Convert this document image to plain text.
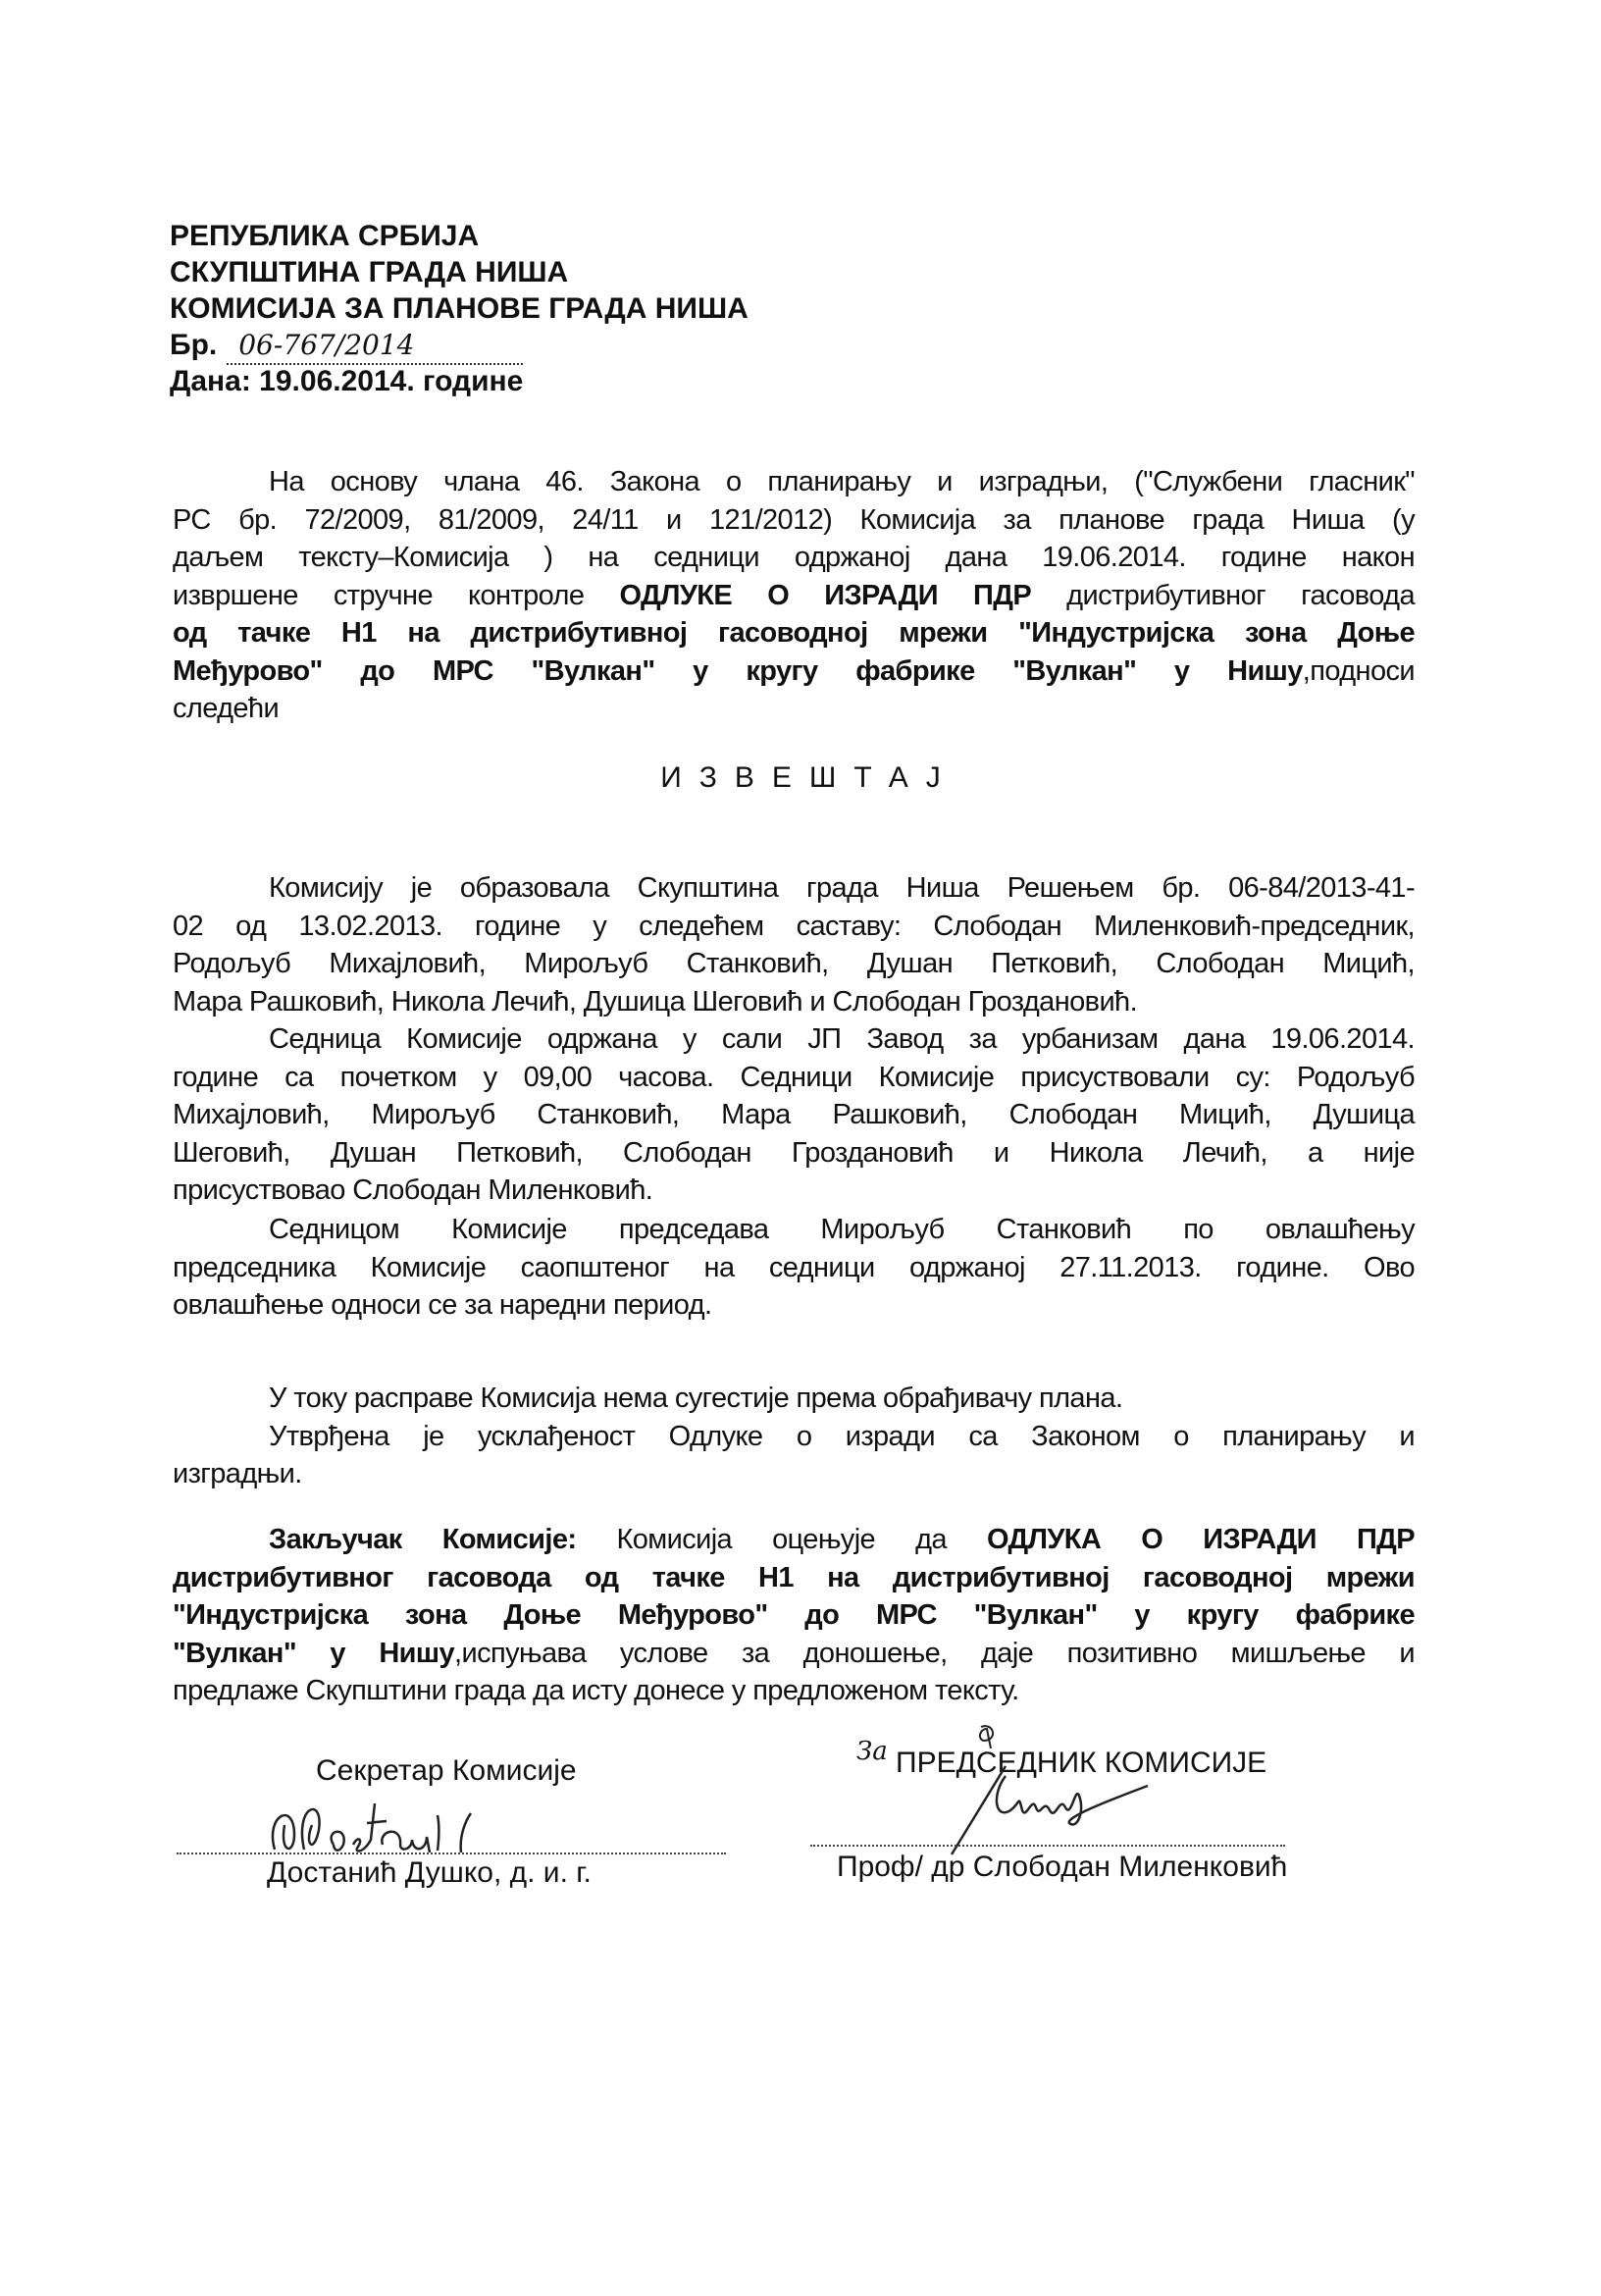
РЕПУБЛИКА СРБИЈА
СКУПШТИНА ГРАДА НИША
КОМИСИЈА ЗА ПЛАНОВЕ ГРАДА НИША
Бр. 06-767/2014
Дана: 19.06.2014. године
На основу члана 46. Закона о планирању и изградњи, ("Службени гласник"
РС бр. 72/2009, 81/2009, 24/11 и 121/2012) Комисија за планове града Ниша (у
даљем тексту–Комисија ) на седници одржаној дана 19.06.2014. године након
извршене стручне контроле ОДЛУКЕ О ИЗРАДИ ПДР дистрибутивног гасовода
од тачке Н1 на дистрибутивној гасоводној мрежи "Индустријска зона Доње
Мeђурово" до МРС "Вулкан" у кругу фабрике "Вулкан" у Нишу,подноси
следећи
ИЗВЕШТАЈ
Комисију је образовала Скупштина града Ниша Решењем бр. 06-84/2013-41-
02 од 13.02.2013. године у следећем саставу: Слободан Миленковић-председник,
Родољуб Михајловић, Мирољуб Станковић, Душан Петковић, Слободан Мицић,
Мара Рашковић, Никола Лечић, Душица Шеговић и Слободан Гроздановић.
Седница Комисије одржана у сали ЈП Завод за урбанизам дана 19.06.2014.
године са почетком у 09,00 часова. Седници Комисије присуствовали су: Родољуб
Михајловић, Мирољуб Станковић, Мара Рашковић, Слободан Мицић, Душица
Шеговић, Душан Петковић, Слободан Гроздановић и Никола Лечић, а није
присуствовао Слободан Миленковић.
Седницом Комисије председава Мирољуб Станковић по овлашћењу
председника Комисије саопштеног на седници одржаној 27.11.2013. године. Ово
овлашћење односи се за наредни период.
У току расправе Комисија нема сугестије према обрађивачу плана.
Утврђена је усклађеност Одлуке о изради са Законом о планирању и
изградњи.
Закључак Комисије: Комисија оцењује да ОДЛУКА О ИЗРАДИ ПДР
дистрибутивног гасовода од тачке Н1 на дистрибутивној гасоводној мрежи
"Индустријска зона Доње Међурово" до МРС "Вулкан" у кругу фабрике
"Вулкан" у Нишу,испуњава услове за доношење, даје позитивно мишљење и
предлаже Скупштини града да исту донесе у предложеном тексту.
Секретар Комисије
Достанић Душко, д. и. г.
За ПРЕДСЕДНИК КОМИСИЈЕ
Проф/ др Слободан Миленковић
